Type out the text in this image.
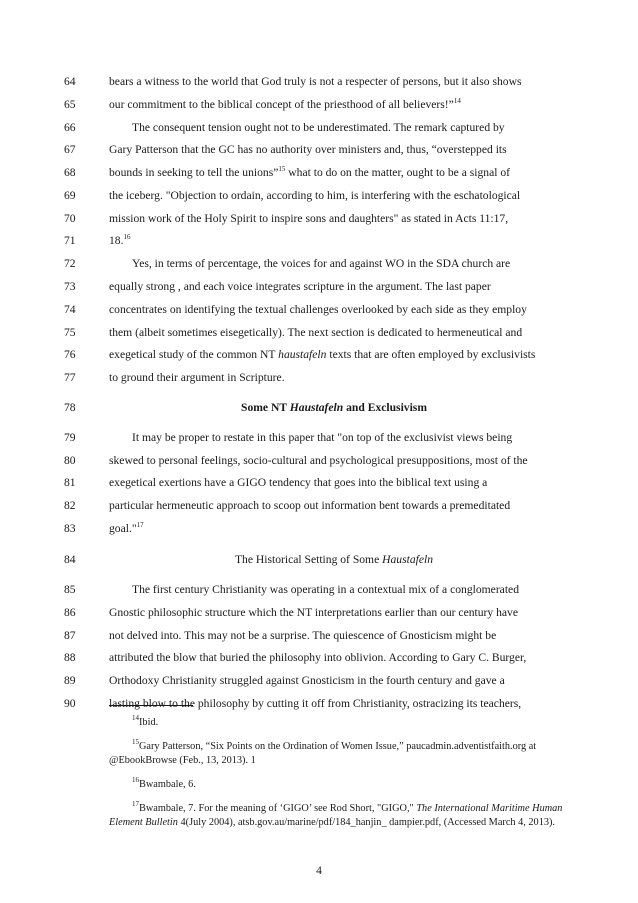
64
65
66
67
68
69
70
71
72
73
74
75
76
77
78
79
80
81
82
83
84
85
86
87
88
89
90
bears a witness to the world that God truly is not a respecter of persons, but it also shows
our commitment to the biblical concept of the priesthood of all believers!”$^{14}$
The consequent tension ought not to be underestimated. The remark captured by
Gary Patterson that the GC has no authority over ministers and, thus, “overstepped its
bounds in seeking to tell the unions”$^{15}$ what to do on the matter, ought to be a signal of
the iceberg. "Objection to ordain, according to him, is interfering with the eschatological
mission work of the Holy Spirit to inspire sons and daughters" as stated in Acts 11:17,
18.16
Yes, in terms of percentage, the voices for and against WO in the SDA church are
equally strong , and each voice integrates scripture in the argument. The last paper
concentrates on identifying the textual challenges overlooked by each side as they employ
them (albeit sometimes eisegetically). The next section is dedicated to hermeneutical and
exegetical study of the common NT haustafeln texts that are often employed by exclusivists
to ground their argument in Scripture.
Some NT Haustafeln and Exclusivism
It may be proper to restate in this paper that "on top of the exclusivist views being
skewed to personal feelings, socio-cultural and psychological presuppositions, most of the
exegetical exertions have a GIGO tendency that goes into the biblical text using a
particular hermeneutic approach to scoop out information bent towards a premeditated
goal."$^{17}$
The Historical Setting of Some Haustafeln
The first century Christianity was operating in a contextual mix of a conglomerated
Gnostic philosophic structure which the NT interpretations earlier than our century have
not delved into. This may not be a surprise. The quiescence of Gnosticism might be
attributed the blow that buried the philosophy into oblivion. According to Gary C. Burger,
Orthodoxy Christianity struggled against Gnosticism in the fourth century and gave a
lasting blow to the philosophy by cutting it off from Christianity, ostracizing its teachers,
$^{14}$Ibid.
$^{15}$Gary Patterson, “Six Points on the Ordination of Women Issue,” paucadmin.adventistfaith.org at
@EbookBrowse (Feb., 13, 2013). 1
$^{16}$Bwambale, 6.
$^{17}$Bwambale, 7. For the meaning of ‘GIGO’ see Rod Short, "GIGO," The International Maritime Human
Element Bulletin 4(July 2004), atsb.gov.au/marine/pdf/184_hanjin_ dampier.pdf, (Accessed March 4, 2013).
4
